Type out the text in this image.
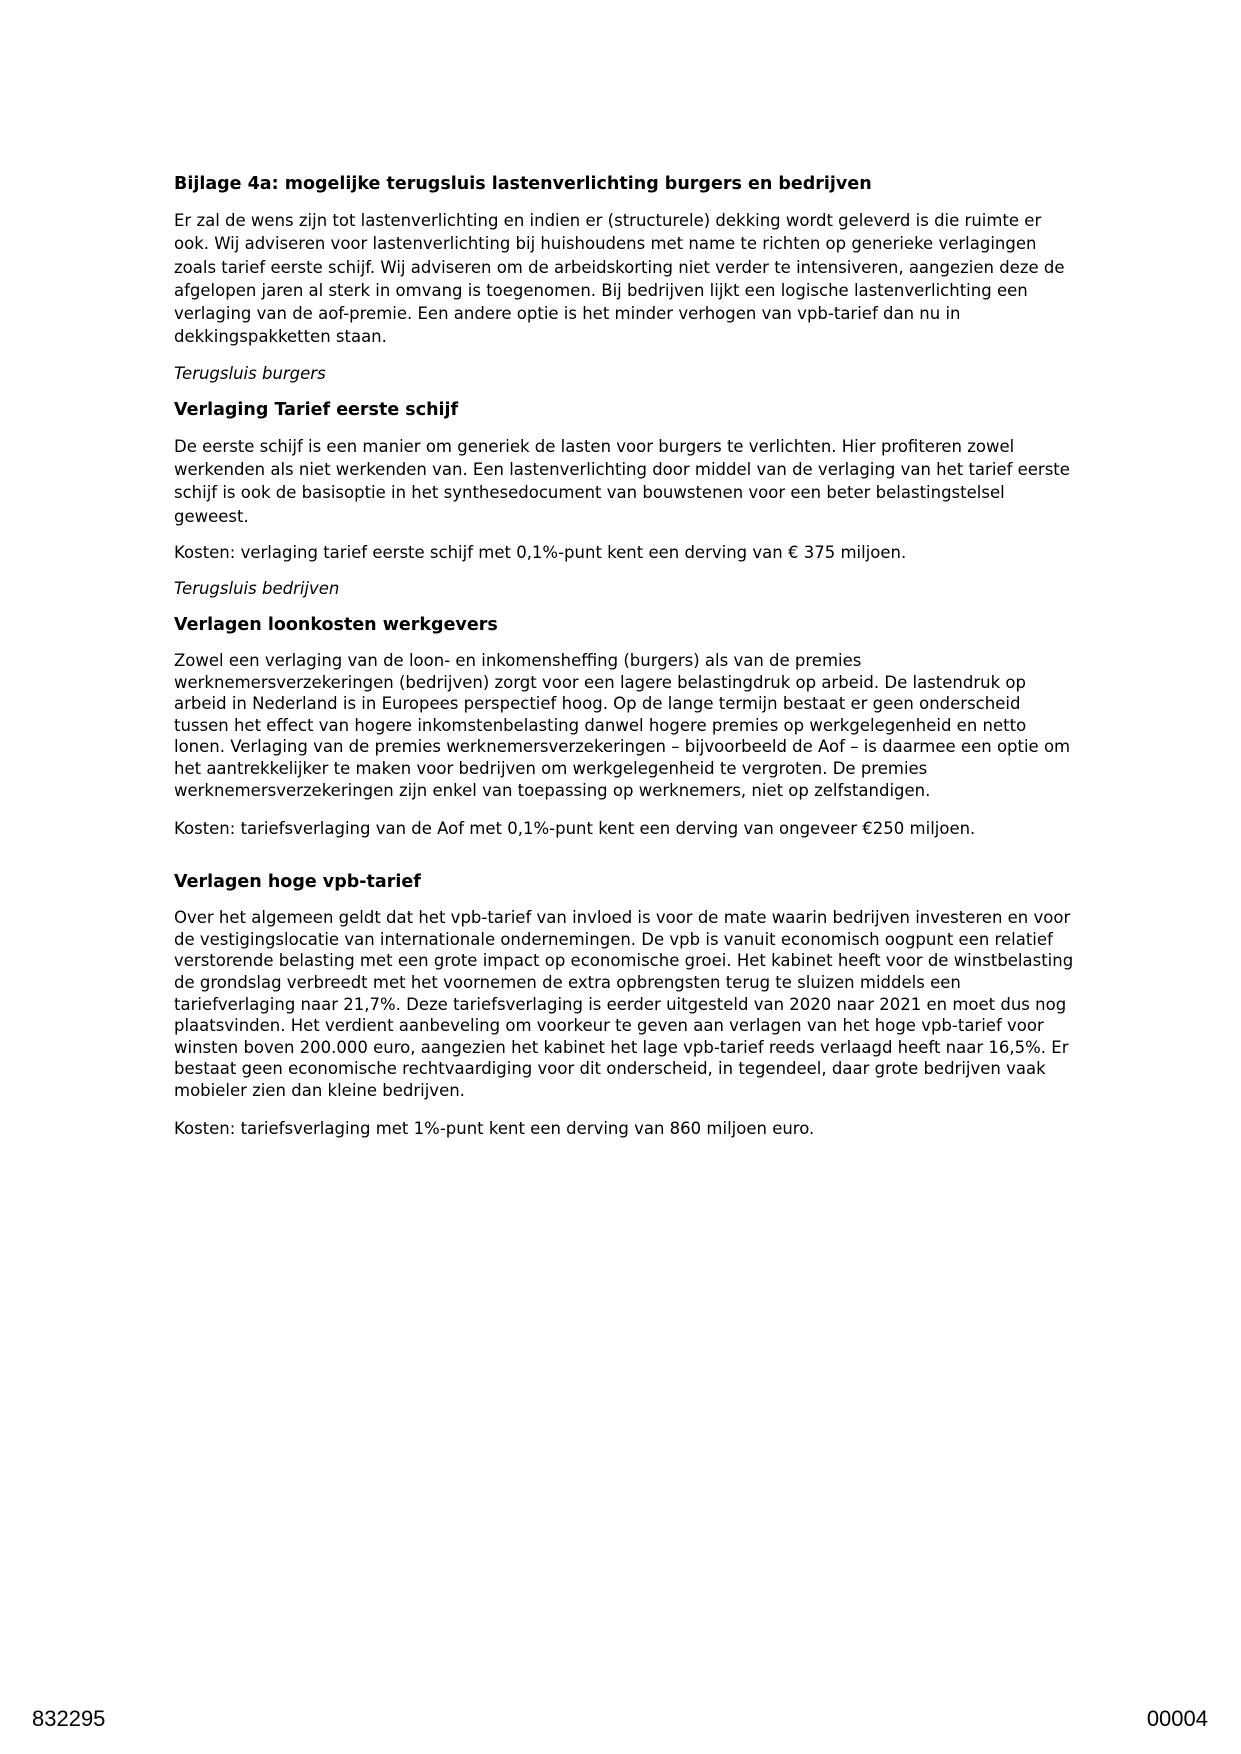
Bijlage 4a: mogelijke terugsluis lastenverlichting burgers en bedrijven
Er zal de wens zijn tot lastenverlichting en indien er (structurele) dekking wordt geleverd is die ruimte er ook. Wij adviseren voor lastenverlichting bij huishoudens met name te richten op generieke verlagingen zoals tarief eerste schijf. Wij adviseren om de arbeidskorting niet verder te intensiveren, aangezien deze de afgelopen jaren al sterk in omvang is toegenomen. Bij bedrijven lijkt een logische lastenverlichting een verlaging van de aof-premie. Een andere optie is het minder verhogen van vpb-tarief dan nu in dekkingspakketten staan.
Terugsluis burgers
Verlaging Tarief eerste schijf
De eerste schijf is een manier om generiek de lasten voor burgers te verlichten. Hier profiteren zowel werkenden als niet werkenden van. Een lastenverlichting door middel van de verlaging van het tarief eerste schijf is ook de basisoptie in het synthesedocument van bouwstenen voor een beter belastingstelsel geweest.
Kosten: verlaging tarief eerste schijf met 0,1%-punt kent een derving van € 375 miljoen.
Terugsluis bedrijven
Verlagen loonkosten werkgevers
Zowel een verlaging van de loon- en inkomensheffing (burgers) als van de premies werknemersverzekeringen (bedrijven) zorgt voor een lagere belastingdruk op arbeid. De lastendruk op arbeid in Nederland is in Europees perspectief hoog. Op de lange termijn bestaat er geen onderscheid tussen het effect van hogere inkomstenbelasting danwel hogere premies op werkgelegenheid en netto lonen. Verlaging van de premies werknemersverzekeringen – bijvoorbeeld de Aof – is daarmee een optie om het aantrekkelijker te maken voor bedrijven om werkgelegenheid te vergroten. De premies werknemersverzekeringen zijn enkel van toepassing op werknemers, niet op zelfstandigen.
Kosten: tariefsverlaging van de Aof met 0,1%-punt kent een derving van ongeveer €250 miljoen.
Verlagen hoge vpb-tarief
Over het algemeen geldt dat het vpb-tarief van invloed is voor de mate waarin bedrijven investeren en voor de vestigingslocatie van internationale ondernemingen. De vpb is vanuit economisch oogpunt een relatief verstorende belasting met een grote impact op economische groei. Het kabinet heeft voor de winstbelasting de grondslag verbreedt met het voornemen de extra opbrengsten terug te sluizen middels een tariefverlaging naar 21,7%. Deze tariefsverlaging is eerder uitgesteld van 2020 naar 2021 en moet dus nog plaatsvinden. Het verdient aanbeveling om voorkeur te geven aan verlagen van het hoge vpb-tarief voor winsten boven 200.000 euro, aangezien het kabinet het lage vpb-tarief reeds verlaagd heeft naar 16,5%. Er bestaat geen economische rechtvaardiging voor dit onderscheid, in tegendeel, daar grote bedrijven vaak mobieler zien dan kleine bedrijven.
Kosten: tariefsverlaging met 1%-punt kent een derving van 860 miljoen euro.
832295	00004
